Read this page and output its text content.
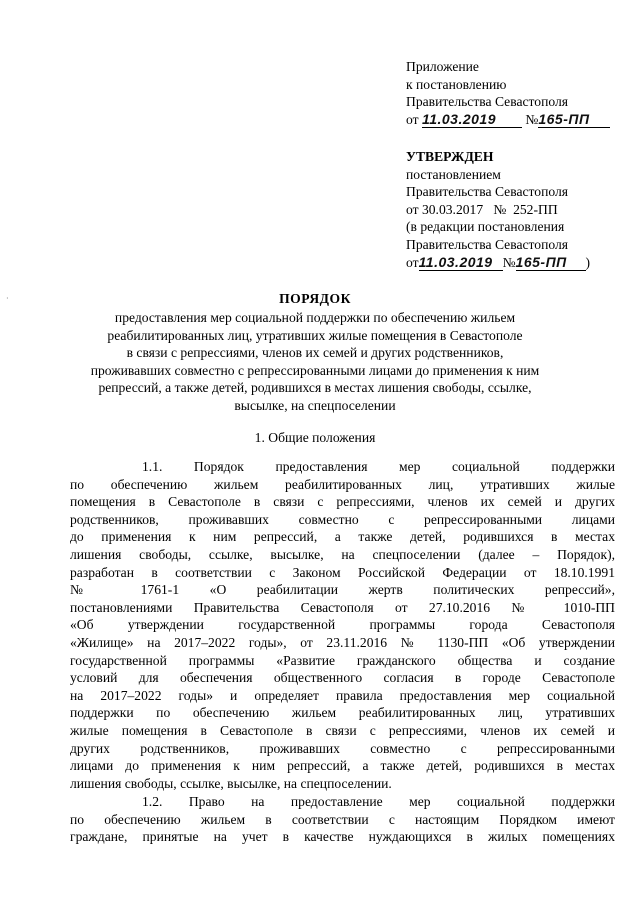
·
Приложение
к постановлению
Правительства Севастополя
от 11.03.2019 №165-ПП
УТВЕРЖДЕН
постановлением
Правительства Севастополя
от 30.03.2017   №  252-ПП
(в редакции постановления
Правительства Севастополя
от11.03.2019 №165-ПП )
ПОРЯДОК
предоставления мер социальной поддержки по обеспечению жильем
реабилитированных лиц, утративших жилые помещения в Севастополе
в связи с репрессиями, членов их семей и других родственников,
проживавших совместно с репрессированными лицами до применения к ним
репрессий, а также детей, родившихся в местах лишения свободы, ссылке,
высылке, на спецпоселении
1. Общие положения
1.1. Порядок предоставления мер социальной поддержки
по обеспечению жильем реабилитированных лиц, утративших жилые
помещения в Севастополе в связи с репрессиями, членов их семей и других
родственников, проживавших совместно с репрессированными лицами
до применения к ним репрессий, а также детей, родившихся в местах
лишения свободы, ссылке, высылке, на спецпоселении (далее – Порядок),
разработан в соответствии с Законом Российской Федерации от 18.10.1991
№ 1761-1 «О реабилитации жертв политических репрессий»,
постановлениями Правительства Севастополя от 27.10.2016 № 1010-ПП
«Об утверждении государственной программы города Севастополя
«Жилище» на 2017–2022 годы», от 23.11.2016 № 1130-ПП «Об утверждении
государственной программы «Развитие гражданского общества и создание
условий для обеспечения общественного согласия в городе Севастополе
на 2017–2022 годы» и определяет правила предоставления мер социальной
поддержки по обеспечению жильем реабилитированных лиц, утративших
жилые помещения в Севастополе в связи с репрессиями, членов их семей и
других родственников, проживавших совместно с репрессированными
лицами до применения к ним репрессий, а также детей, родившихся в местах
лишения свободы, ссылке, высылке, на спецпоселении.
1.2. Право на предоставление мер социальной поддержки
по обеспечению жильем в соответствии с настоящим Порядком имеют
граждане, принятые на учет в качестве нуждающихся в жилых помещениях
